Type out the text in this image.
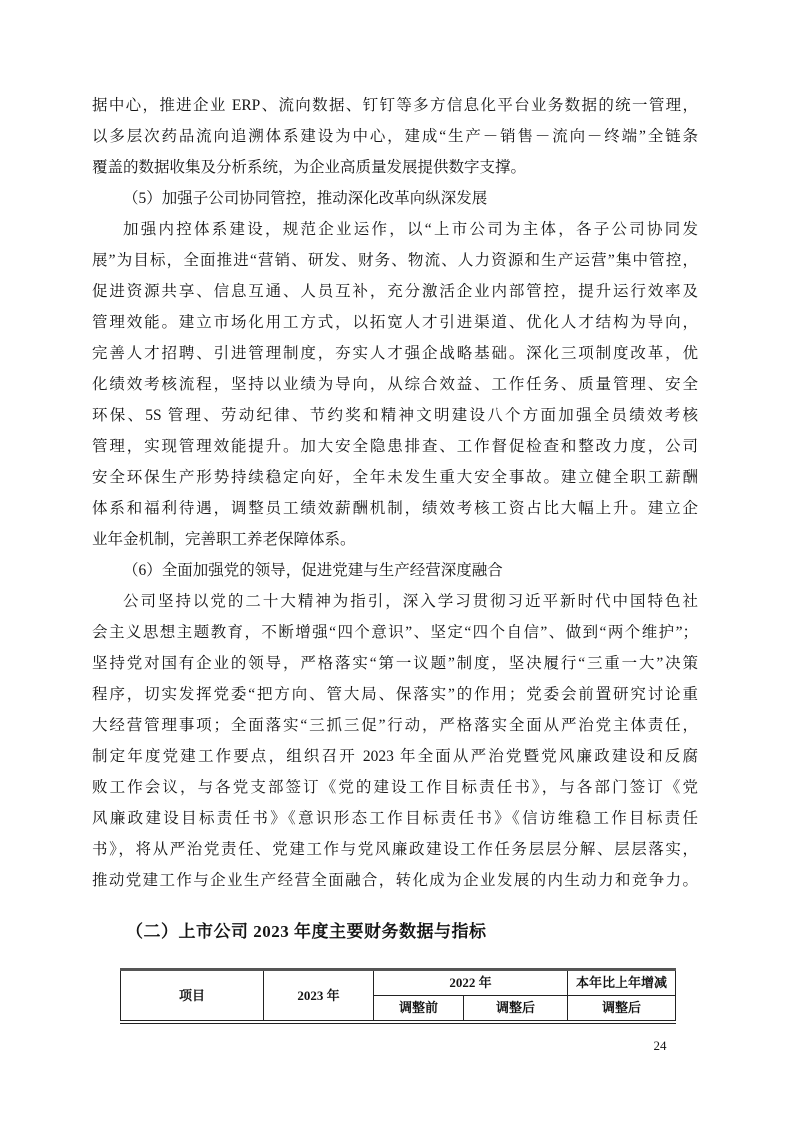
据中心，推进企业 ERP、流向数据、钉钉等多方信息化平台业务数据的统一管理，
以多层次药品流向追溯体系建设为中心，建成“生产－销售－流向－终端”全链条
覆盖的数据收集及分析系统，为企业高质量发展提供数字支撑。
（5）加强子公司协同管控，推动深化改革向纵深发展
加强内控体系建设，规范企业运作，以“上市公司为主体，各子公司协同发
展”为目标，全面推进“营销、研发、财务、物流、人力资源和生产运营”集中管控，
促进资源共享、信息互通、人员互补，充分激活企业内部管控，提升运行效率及
管理效能。建立市场化用工方式，以拓宽人才引进渠道、优化人才结构为导向，
完善人才招聘、引进管理制度，夯实人才强企战略基础。深化三项制度改革，优
化绩效考核流程，坚持以业绩为导向，从综合效益、工作任务、质量管理、安全
环保、5S 管理、劳动纪律、节约奖和精神文明建设八个方面加强全员绩效考核
管理，实现管理效能提升。加大安全隐患排查、工作督促检查和整改力度，公司
安全环保生产形势持续稳定向好，全年未发生重大安全事故。建立健全职工薪酬
体系和福利待遇，调整员工绩效薪酬机制，绩效考核工资占比大幅上升。建立企
业年金机制，完善职工养老保障体系。
（6）全面加强党的领导，促进党建与生产经营深度融合
公司坚持以党的二十大精神为指引，深入学习贯彻习近平新时代中国特色社
会主义思想主题教育，不断增强“四个意识”、坚定“四个自信”、做到“两个维护”；
坚持党对国有企业的领导，严格落实“第一议题”制度，坚决履行“三重一大”决策
程序，切实发挥党委“把方向、管大局、保落实”的作用；党委会前置研究讨论重
大经营管理事项；全面落实“三抓三促”行动，严格落实全面从严治党主体责任，
制定年度党建工作要点，组织召开 2023 年全面从严治党暨党风廉政建设和反腐
败工作会议，与各党支部签订《党的建设工作目标责任书》，与各部门签订《党
风廉政建设目标责任书》《意识形态工作目标责任书》《信访维稳工作目标责任
书》，将从严治党责任、党建工作与党风廉政建设工作任务层层分解、层层落实，
推动党建工作与企业生产经营全面融合，转化成为企业发展的内生动力和竞争力。
（二）上市公司 2023 年度主要财务数据与指标
项目	2023 年	2022 年		本年比上年增减
		调整前	调整后	调整后
24
